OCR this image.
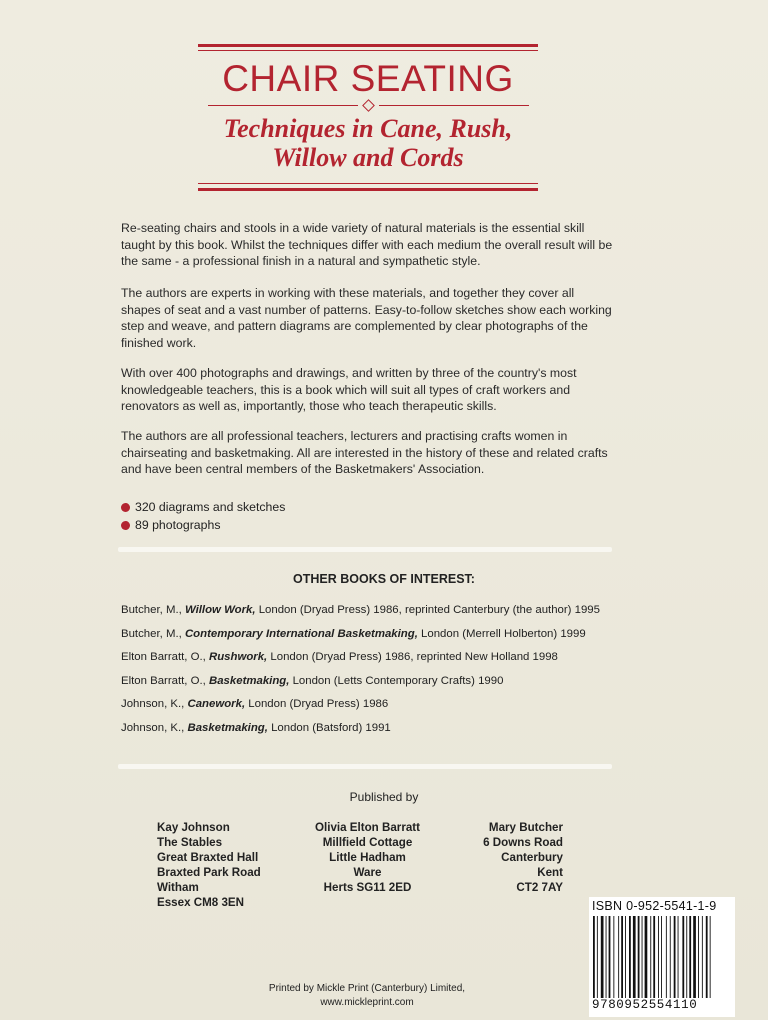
CHAIR SEATING
Techniques in Cane, Rush,
Willow and Cords

Re-seating chairs and stools in a wide variety of natural materials is the essential skill taught by this book. Whilst the techniques differ with each medium the overall result will be the same - a professional finish in a natural and sympathetic style.

The authors are experts in working with these materials, and together they cover all shapes of seat and a vast number of patterns. Easy-to-follow sketches show each working step and weave, and pattern diagrams are complemented by clear photographs of the finished work.

With over 400 photographs and drawings, and written by three of the country's most knowledgeable teachers, this is a book which will suit all types of craft workers and renovators as well as, importantly, those who teach therapeutic skills.

The authors are all professional teachers, lecturers and practising crafts women in chairseating and basketmaking. All are interested in the history of these and related crafts and have been central members of the Basketmakers' Association.

320 diagrams and sketches
89 photographs
OTHER BOOKS OF INTEREST:
Butcher, M., Willow Work, London (Dryad Press) 1986, reprinted Canterbury (the author) 1995
Butcher, M., Contemporary International Basketmaking, London (Merrell Holberton) 1999
Elton Barratt, O., Rushwork, London (Dryad Press) 1986, reprinted New Holland 1998
Elton Barratt, O., Basketmaking, London (Letts Contemporary Crafts) 1990
Johnson, K., Canework, London (Dryad Press) 1986
Johnson, K., Basketmaking, London (Batsford) 1991
Published by
Kay Johnson
The Stables
Great Braxted Hall
Braxted Park Road
Witham
Essex CM8 3EN
Olivia Elton Barratt
Millfield Cottage
Little Hadham
Ware
Herts SG11 2ED
Mary Butcher
6 Downs Road
Canterbury
Kent
CT2 7AY
Printed by Mickle Print (Canterbury) Limited,
www.mickleprint.com
ISBN 0-952-5541-1-9
9780952554110
